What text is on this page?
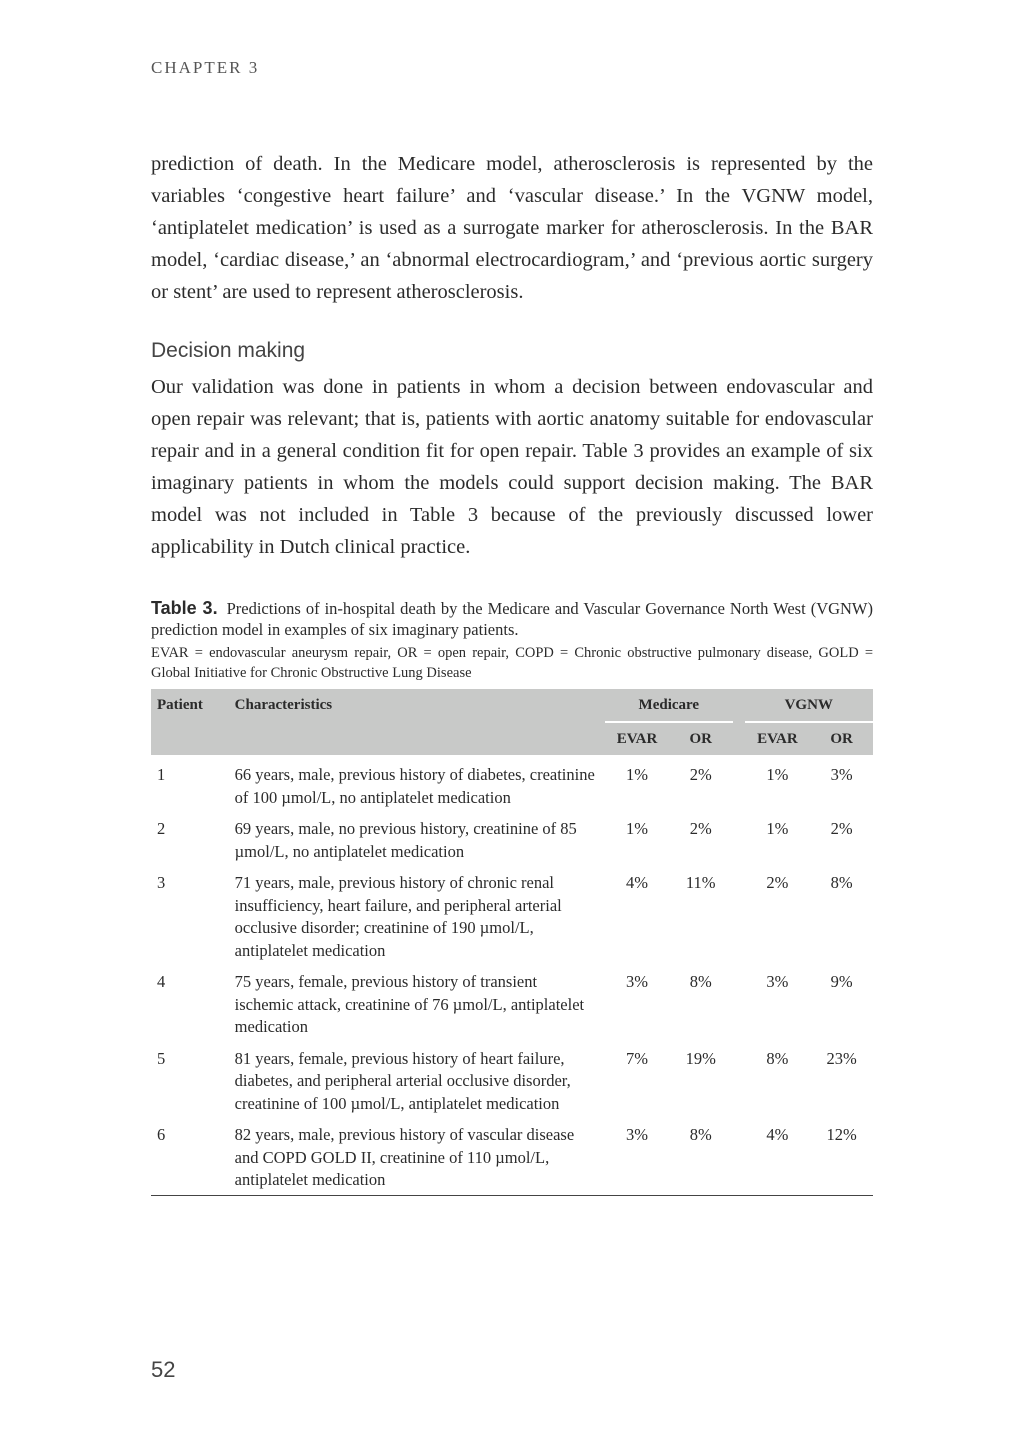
CHAPTER 3

prediction of death. In the Medicare model, atherosclerosis is represented by the variables ‘congestive heart failure’ and ‘vascular disease.’ In the VGNW model, ‘antiplatelet medication’ is used as a surrogate marker for atherosclerosis. In the BAR model, ‘cardiac disease,’ an ‘abnormal electrocardiogram,’ and ‘previous aortic surgery or stent’ are used to represent atherosclerosis.

Decision making

Our validation was done in patients in whom a decision between endovascular and open repair was relevant; that is, patients with aortic anatomy suitable for endovascular repair and in a general condition fit for open repair. Table 3 provides an example of six imaginary patients in whom the models could support decision making. The BAR model was not included in Table 3 because of the previously discussed lower applicability in Dutch clinical practice.

Table 3. Predictions of in-hospital death by the Medicare and Vascular Governance North West (VGNW) prediction model in examples of six imaginary patients.
EVAR = endovascular aneurysm repair, OR = open repair, COPD = Chronic obstructive pulmonary disease, GOLD = Global Initiative for Chronic Obstructive Lung Disease
Patient	Characteristics	Medicare			VGNW	
		EVAR	OR		EVAR	OR
1	66 years, male, previous history of diabetes, creatinine of 100 µmol/L, no antiplatelet medication	1%	2%		1%	3%
2	69 years, male, no previous history, creatinine of 85 µmol/L, no antiplatelet medication	1%	2%		1%	2%
3	71 years, male, previous history of chronic renal insufficiency, heart failure, and peripheral arterial occlusive disorder; creatinine of 190 µmol/L, antiplatelet medication	4%	11%		2%	8%
4	75 years, female, previous history of transient ischemic attack, creatinine of 76 µmol/L, antiplatelet medication	3%	8%		3%	9%
5	81 years, female, previous history of heart failure, diabetes, and peripheral arterial occlusive disorder, creatinine of 100 µmol/L, antiplatelet medication	7%	19%		8%	23%
6	82 years, male, previous history of vascular disease and COPD GOLD II, creatinine of 110 µmol/L, antiplatelet medication	3%	8%		4%	12%
52
